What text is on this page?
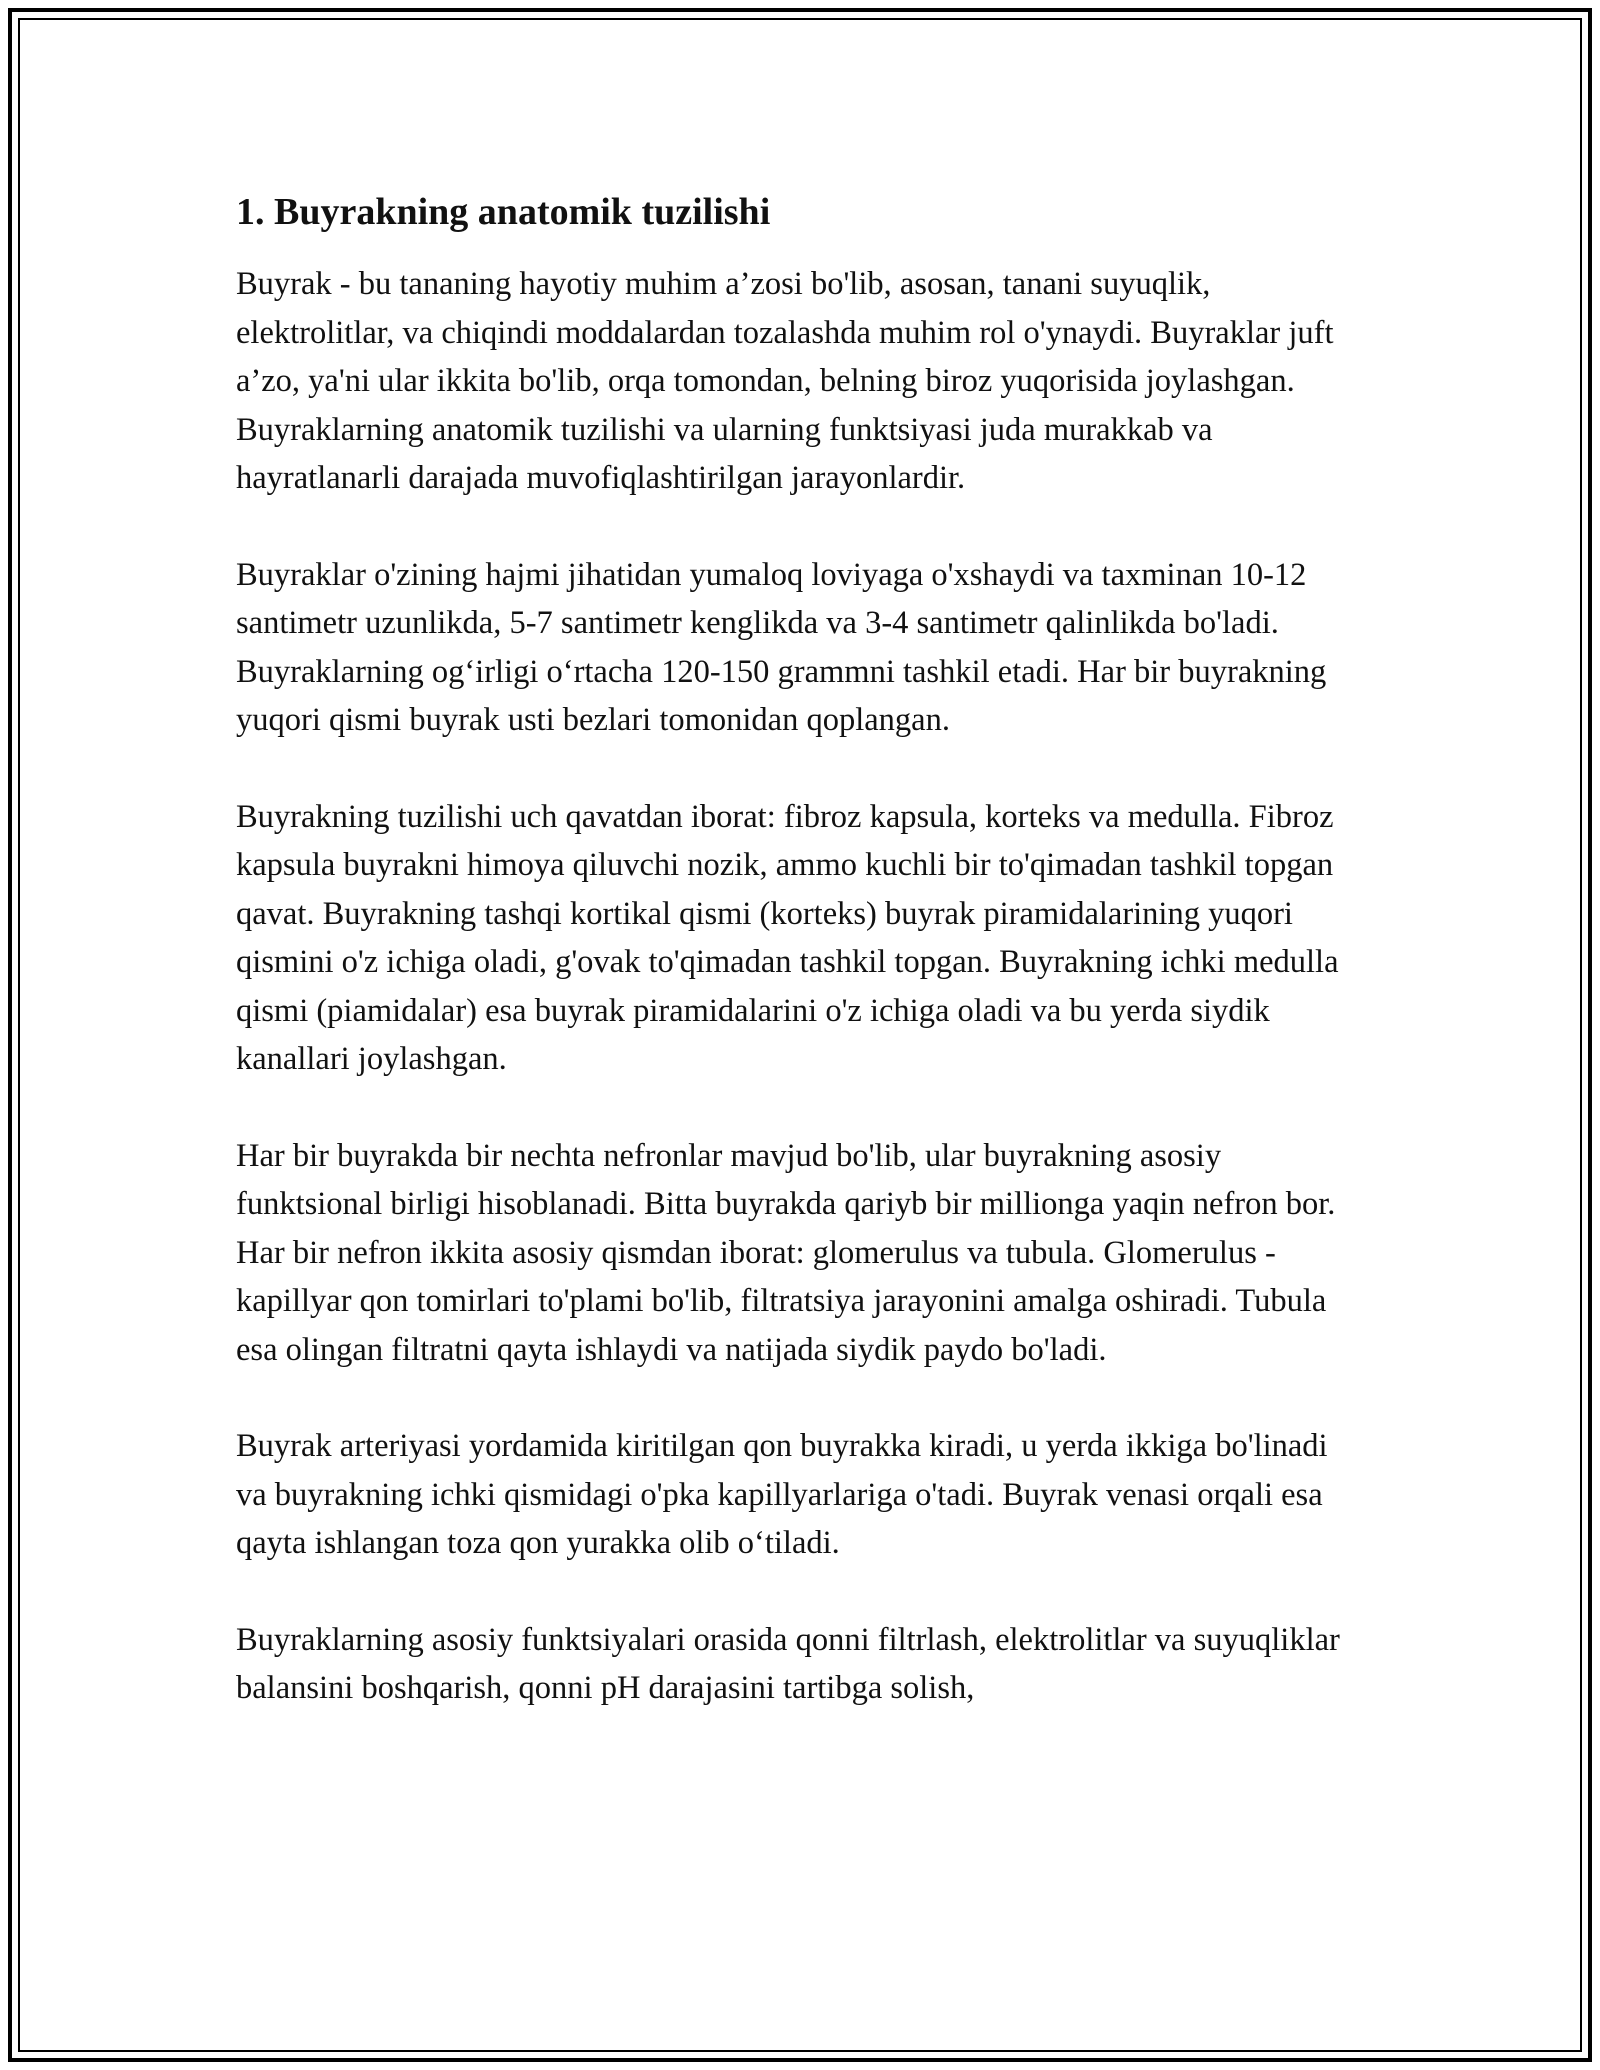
1. Buyrakning anatomik tuzilishi

Buyrak - bu tananing hayotiy muhim a’zosi bo'lib, asosan, tanani suyuqlik, elektrolitlar, va chiqindi moddalardan tozalashda muhim rol o'ynaydi. Buyraklar juft a’zo, ya'ni ular ikkita bo'lib, orqa tomondan, belning biroz yuqorisida joylashgan. Buyraklarning anatomik tuzilishi va ularning funktsiyasi juda murakkab va hayratlanarli darajada muvofiqlashtirilgan jarayonlardir.

Buyraklar o'zining hajmi jihatidan yumaloq loviyaga o'xshaydi va taxminan 10-12 santimetr uzunlikda, 5-7 santimetr kenglikda va 3-4 santimetr qalinlikda bo'ladi. Buyraklarning og‘irligi o‘rtacha 120-150 grammni tashkil etadi. Har bir buyrakning yuqori qismi buyrak usti bezlari tomonidan qoplangan.

Buyrakning tuzilishi uch qavatdan iborat: fibroz kapsula, korteks va medulla. Fibroz kapsula buyrakni himoya qiluvchi nozik, ammo kuchli bir to'qimadan tashkil topgan qavat. Buyrakning tashqi kortikal qismi (korteks) buyrak piramidalarining yuqori qismini o'z ichiga oladi, g'ovak to'qimadan tashkil topgan. Buyrakning ichki medulla qismi (piamidalar) esa buyrak piramidalarini o'z ichiga oladi va bu yerda siydik kanallari joylashgan.

Har bir buyrakda bir nechta nefronlar mavjud bo'lib, ular buyrakning asosiy funktsional birligi hisoblanadi. Bitta buyrakda qariyb bir millionga yaqin nefron bor. Har bir nefron ikkita asosiy qismdan iborat: glomerulus va tubula. Glomerulus - kapillyar qon tomirlari to'plami bo'lib, filtratsiya jarayonini amalga oshiradi. Tubula esa olingan filtratni qayta ishlaydi va natijada siydik paydo bo'ladi.

Buyrak arteriyasi yordamida kiritilgan qon buyrakka kiradi, u yerda ikkiga bo'linadi va buyrakning ichki qismidagi o'pka kapillyarlariga o'tadi. Buyrak venasi orqali esa qayta ishlangan toza qon yurakka olib o‘tiladi.

Buyraklarning asosiy funktsiyalari orasida qonni filtrlash, elektrolitlar va suyuqliklar balansini boshqarish, qonni pH darajasini tartibga solish,
